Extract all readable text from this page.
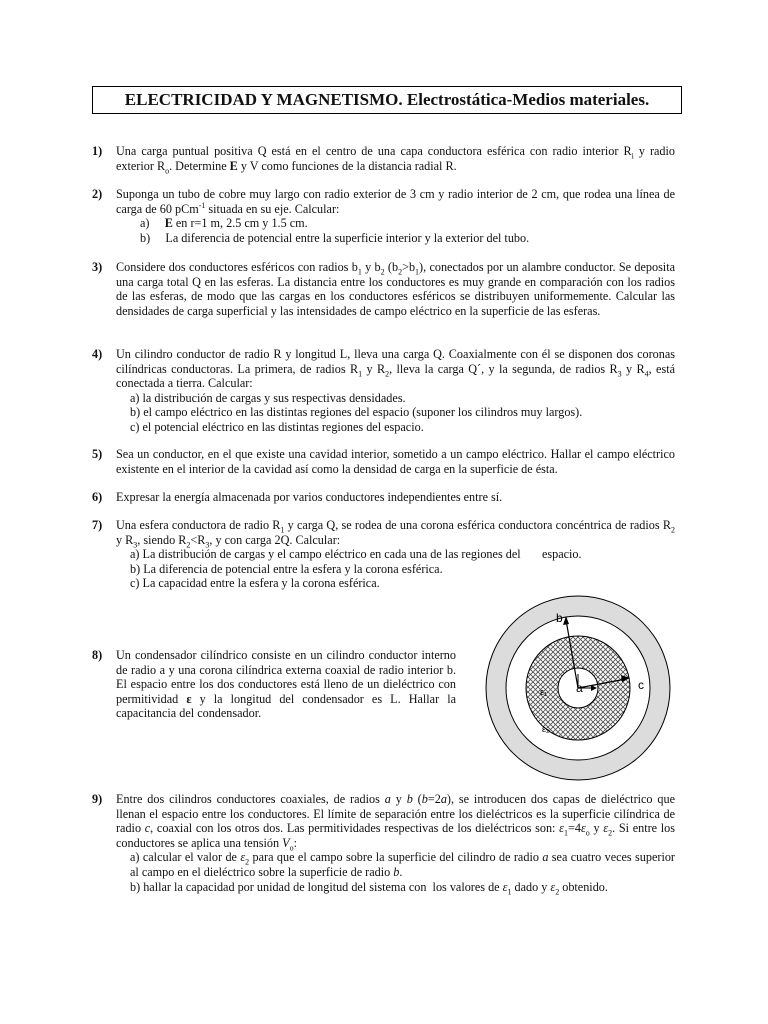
ELECTRICIDAD Y MAGNETISMO. Electrostática-Medios materiales.
1) Una carga puntual positiva Q está en el centro de una capa conductora esférica con radio interior $R_i$ y radio exterior $R_o$. Determine E y V como funciones de la distancia radial R.

2) Suponga un tubo de cobre muy largo con radio exterior de 3 cm y radio interior de 2 cm, que rodea una línea de carga de 60 pCm$^{-1}$ situada en su eje. Calcular:

a)     E en r=1 m, 2.5 cm y 1.5 cm.

b)     La diferencia de potencial entre la superficie interior y la exterior del tubo.

3) Considere dos conductores esféricos con radios $b_1$ y $b_2$ $(b_2>b_1)$, conectados por un alambre conductor. Se deposita una carga total Q en las esferas. La distancia entre los conductores es muy grande en comparación con los radios de las esferas, de modo que las cargas en los conductores esféricos se distribuyen uniformemente. Calcular las densidades de carga superficial y las intensidades de campo eléctrico en la superficie de las esferas.

4) Un cilindro conductor de radio R y longitud L, lleva una carga Q. Coaxialmente con él se disponen dos coronas cilíndricas conductoras. La primera, de radios $R_1$ y $R_2$, lleva la carga Q´, y la segunda, de radios $R_3$ y $R_4$, está conectada a tierra. Calcular:

a) la distribución de cargas y sus respectivas densidades.

b) el campo eléctrico en las distintas regiones del espacio (suponer los cilindros muy largos).

c) el potencial eléctrico en las distintas regiones del espacio.

5) Sea un conductor, en el que existe una cavidad interior, sometido a un campo eléctrico. Hallar el campo eléctrico existente en el interior de la cavidad así como la densidad de carga en la superficie de ésta.

6) Expresar la energía almacenada por varios conductores independientes entre sí.

7) Una esfera conductora de radio $R_1$ y carga Q, se rodea de una corona esférica conductora concéntrica de radios $R_2$ y $R_3$, siendo $R_2<R_3$, y con carga 2Q. Calcular:

a) La distribución de cargas y el campo eléctrico en cada una de las regiones del       espacio.

b) La diferencia de potencial entre la esfera y la corona esférica.

c) La capacidad entre la esfera y la corona esférica.

8) Un condensador cilíndrico consiste en un cilindro conductor interno de radio a y una corona cilíndrica externa coaxial de radio interior b. El espacio entre los dos conductores está lleno de un dieléctrico con permitividad ε y la longitud del condensador es L. Hallar la capacitancia del condensador.

b
a	c
ε₁
ε₂
9) Entre dos cilindros conductores coaxiales, de radios a y b (b=2a), se introducen dos capas de dieléctrico que llenan el espacio entre los conductores. El límite de separación entre los dieléctricos es la superficie cilíndrica de radio c, coaxial con los otros dos. Las permitividades respectivas de los dieléctricos son: $\varepsilon_1=4\varepsilon_o$ y $\varepsilon_2$. Si entre los conductores se aplica una tensión $V_o$:

a) calcular el valor de $\varepsilon_2$ para que el campo sobre la superficie del cilindro de radio a sea cuatro veces superior al campo en el dieléctrico sobre la superficie de radio b.

b) hallar la capacidad por unidad de longitud del sistema con  los valores de $\varepsilon_1$ dado y $\varepsilon_2$ obtenido.
